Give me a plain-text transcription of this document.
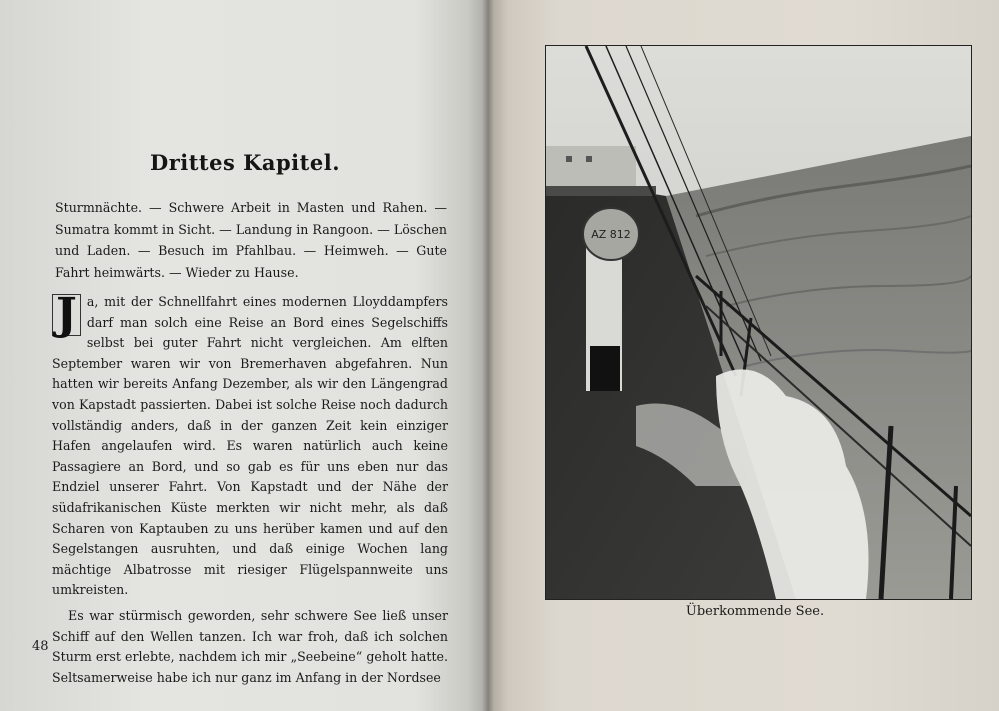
Drittes Kapitel.
Sturmnächte. — Schwere Arbeit in Masten und Rahen. — Sumatra kommt in Sicht. — Landung in Rangoon. — Löschen und Laden. — Besuch im Pfahlbau. — Heimweh. — Gute Fahrt heimwärts. — Wieder zu Hause.

J a, mit der Schnellfahrt eines modernen Lloyddampfers darf man solch eine Reise an Bord eines Segelschiffs selbst bei guter Fahrt nicht vergleichen. Am elften September waren wir von Bremerhaven abgefahren. Nun hatten wir bereits Anfang Dezember, als wir den Längengrad von Kapstadt passierten. Dabei ist solche Reise noch dadurch vollständig anders, daß in der ganzen Zeit kein einziger Hafen angelaufen wird. Es waren natürlich auch keine Passagiere an Bord, und so gab es für uns eben nur das Endziel unserer Fahrt. Von Kapstadt und der Nähe der südafrikanischen Küste merkten wir nicht mehr, als daß Scharen von Kaptauben zu uns herüber kamen und auf den Segelstangen ausruhten, und daß einige Wochen lang mächtige Albatrosse mit riesiger Flügelspannweite uns umkreisten.

Es war stürmisch geworden, sehr schwere See ließ unser Schiff auf den Wellen tanzen. Ich war froh, daß ich solchen Sturm erst erlebte, nachdem ich mir „Seebeine“ geholt hatte. Seltsamerweise habe ich nur ganz im Anfang in der Nordsee

48
AZ 812
Überkommende See.
